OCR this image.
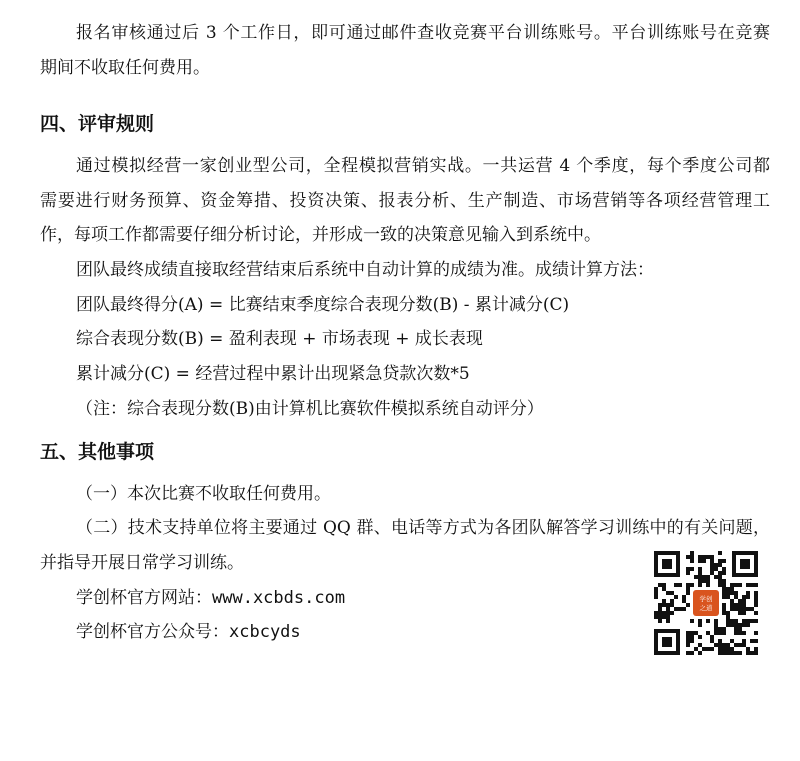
报名审核通过后 3 个工作日，即可通过邮件查收竞赛平台训练账号。平台训练账号在竞赛
期间不收取任何费用。
四、评审规则
通过模拟经营一家创业型公司，全程模拟营销实战。一共运营 4 个季度，每个季度公司都
需要进行财务预算、资金筹措、投资决策、报表分析、生产制造、市场营销等各项经营管理工
作，每项工作都需要仔细分析讨论，并形成一致的决策意见输入到系统中。
团队最终成绩直接取经营结束后系统中自动计算的成绩为准。成绩计算方法：
团队最终得分(A) = 比赛结束季度综合表现分数(B) - 累计减分(C)
综合表现分数(B) = 盈利表现 + 市场表现 + 成长表现
累计减分(C) = 经营过程中累计出现紧急贷款次数*5
（注：综合表现分数(B)由计算机比赛软件模拟系统自动评分）
五、其他事项
（一）本次比赛不收取任何费用。
（二）技术支持单位将主要通过 QQ 群、电话等方式为各团队解答学习训练中的有关问题，
并指导开展日常学习训练。
学创杯官方网站：www.xcbds.com
学创杯官方公众号：xcbcyds
学创
之道
